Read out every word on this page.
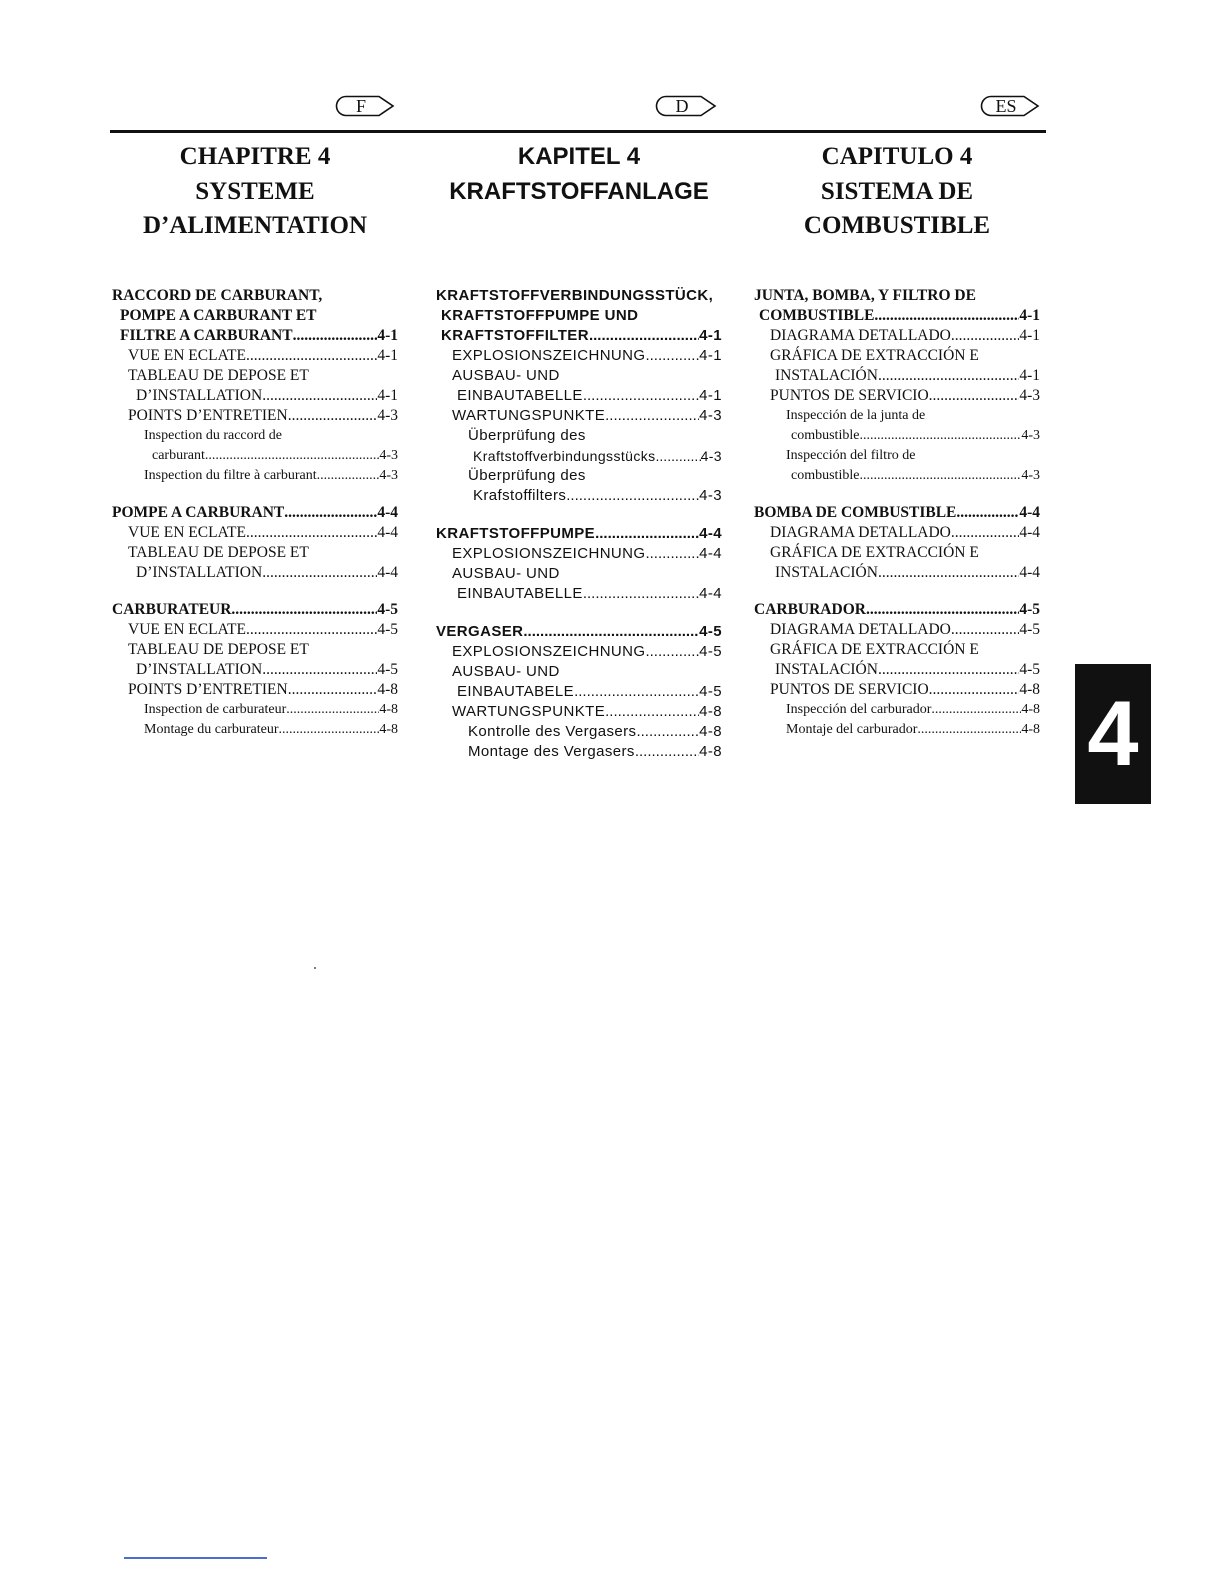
F	D	ES
CHAPITRE 4
SYSTEME
D’ALIMENTATION
RACCORD DE CARBURANT,
POMPE A CARBURANT ET
FILTRE A CARBURANT .....	4-1
VUE EN ECLATE .....	4-1
TABLEAU DE DEPOSE ET
D’INSTALLATION .....	4-1
POINTS D’ENTRETIEN .....	4-3
Inspection du raccord de
carburant .....	4-3
Inspection du filtre à carburant .....	4-3
POMPE A CARBURANT .....	4-4
VUE EN ECLATE .....	4-4
TABLEAU DE DEPOSE ET
D’INSTALLATION .....	4-4
CARBURATEUR .....	4-5
VUE EN ECLATE .....	4-5
TABLEAU DE DEPOSE ET
D’INSTALLATION .....	4-5
POINTS D’ENTRETIEN .....	4-8
Inspection de carburateur .....	4-8
Montage du carburateur .....	4-8
KAPITEL 4
KRAFTSTOFFANLAGE
KRAFTSTOFFVERBINDUNGSSTÜCK,
KRAFTSTOFFPUMPE UND
KRAFTSTOFFILTER .....	4-1
EXPLOSIONSZEICHNUNG .....	4-1
AUSBAU- UND
EINBAUTABELLE .....	4-1
WARTUNGSPUNKTE .....	4-3
Überprüfung des
Kraftstoffverbindungsstücks .....	4-3
Überprüfung des
Krafstoffilters .....	4-3
KRAFTSTOFFPUMPE .....	4-4
EXPLOSIONSZEICHNUNG .....	4-4
AUSBAU- UND
EINBAUTABELLE .....	4-4
VERGASER .....	4-5
EXPLOSIONSZEICHNUNG .....	4-5
AUSBAU- UND
EINBAUTABELE .....	4-5
WARTUNGSPUNKTE .....	4-8
Kontrolle des Vergasers .....	4-8
Montage des Vergasers .....	4-8
CAPITULO 4
SISTEMA DE
COMBUSTIBLE
JUNTA, BOMBA, Y FILTRO DE
COMBUSTIBLE .....	4-1
DIAGRAMA DETALLADO .....	4-1
GRÁFICA DE EXTRACCIÓN E
INSTALACIÓN .....	4-1
PUNTOS DE SERVICIO .....	4-3
Inspección de la junta de
combustible .....	4-3
Inspección del filtro de
combustible .....	4-3
BOMBA DE COMBUSTIBLE .....	4-4
DIAGRAMA DETALLADO .....	4-4
GRÁFICA DE EXTRACCIÓN E
INSTALACIÓN .....	4-4
CARBURADOR .....	4-5
DIAGRAMA DETALLADO .....	4-5
GRÁFICA DE EXTRACCIÓN E
INSTALACIÓN .....	4-5
PUNTOS DE SERVICIO .....	4-8
Inspección del carburador .....	4-8
Montaje del carburador .....	4-8 4
